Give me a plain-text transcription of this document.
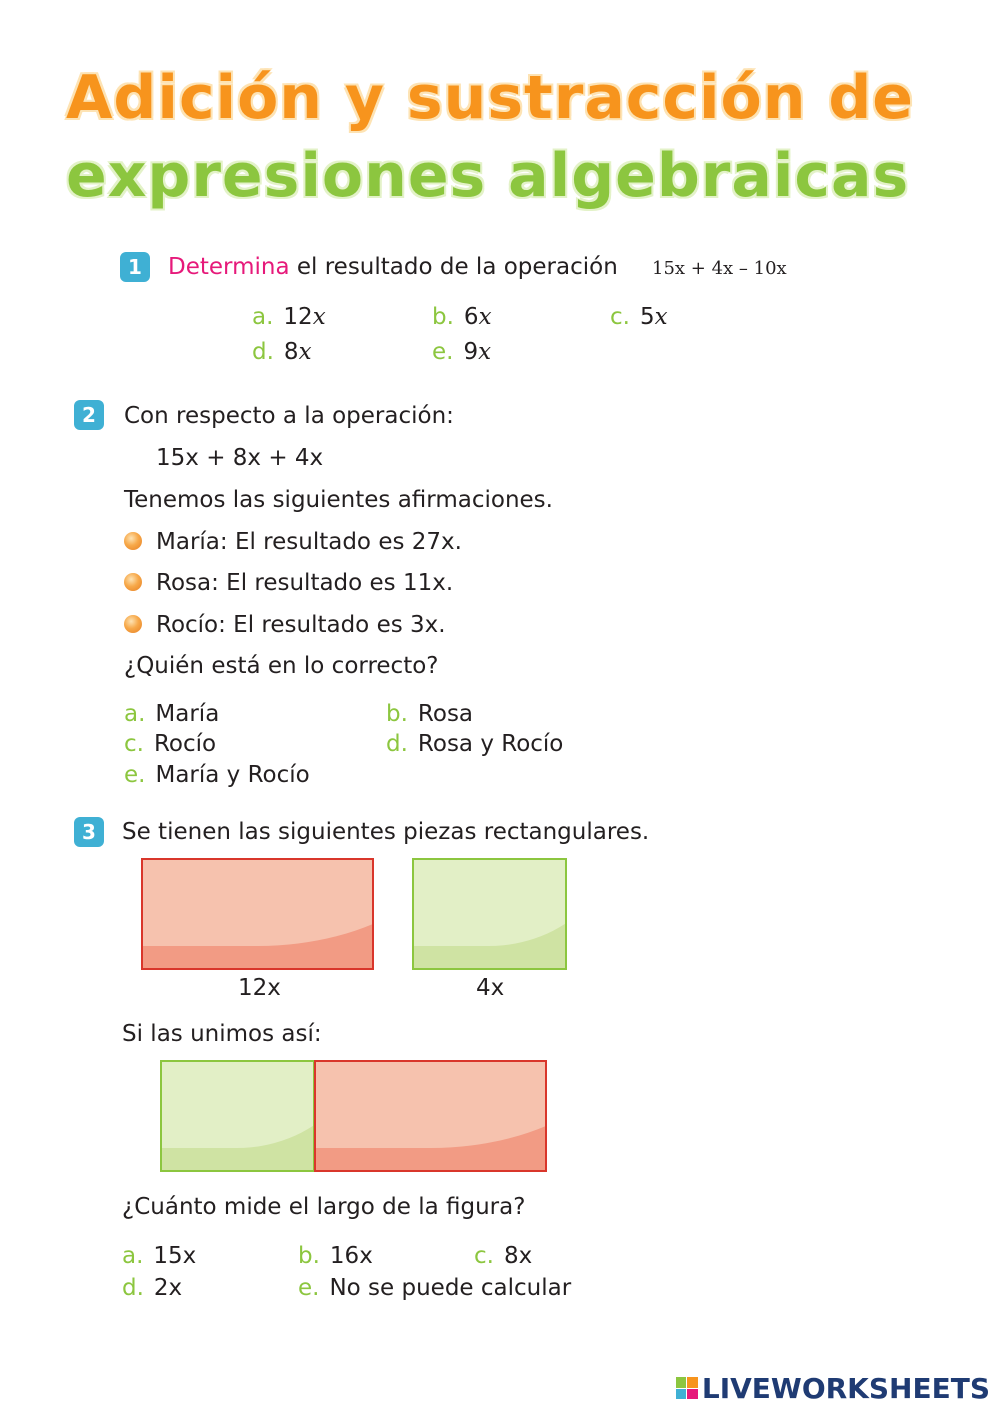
Adición y sustracción de
expresiones algebraicas
1	Determina el resultado de la operación 15x + 4x – 10x
a. 12x	b. 6x	c. 5x
d. 8x	e. 9x
2	Con respecto a la operación:
15x + 8x + 4x
Tenemos las siguientes afirmaciones.
María: El resultado es 27x.
Rosa: El resultado es 11x.
Rocío: El resultado es 3x.
¿Quién está en lo correcto?
a. María	b. Rosa
c. Rocío	d. Rosa y Rocío
e. María y Rocío
3	Se tienen las siguientes piezas rectangulares.
12x	4x
Si las unimos así:
¿Cuánto mide el largo de la figura?
a. 15x	b. 16x	c. 8x
d. 2x	e. No se puede calcular
LIVEWORKSHEETS
